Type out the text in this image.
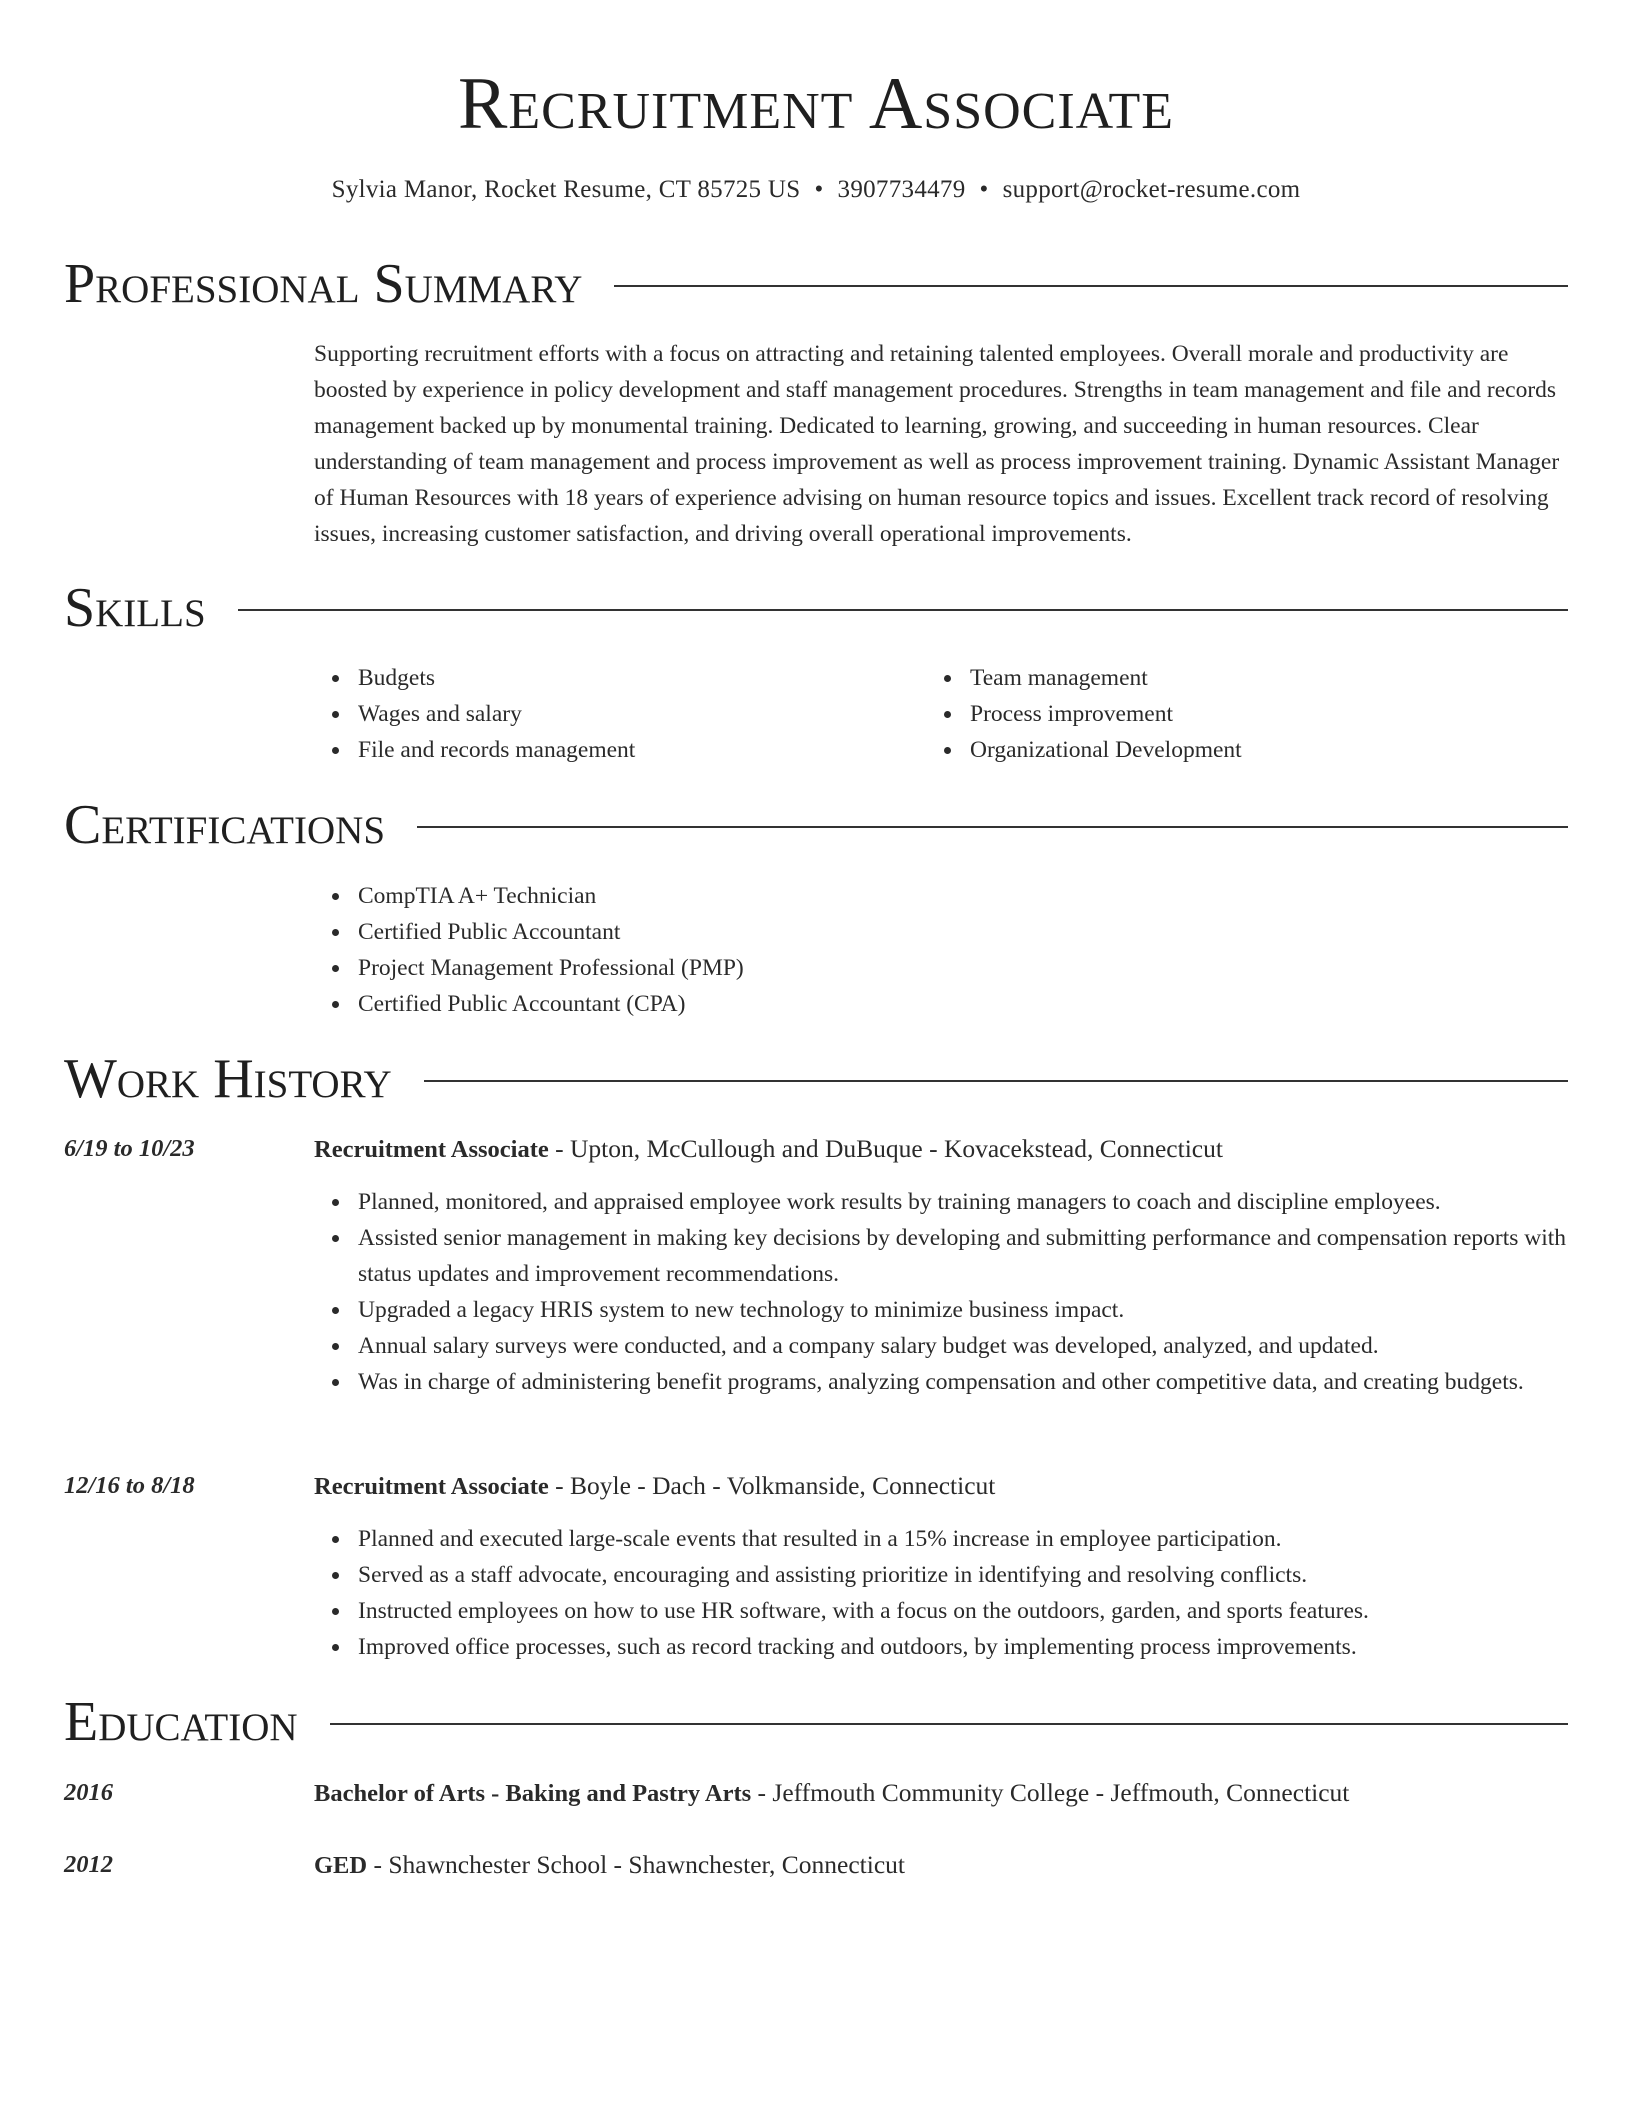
Recruitment Associate
Sylvia Manor, Rocket Resume, CT 85725 US • 3907734479 • support@rocket-resume.com
Professional Summary
Supporting recruitment efforts with a focus on attracting and retaining talented employees. Overall morale and productivity are boosted by experience in policy development and staff management procedures. Strengths in team management and file and records management backed up by monumental training. Dedicated to learning, growing, and succeeding in human resources. Clear understanding of team management and process improvement as well as process improvement training. Dynamic Assistant Manager of Human Resources with 18 years of experience advising on human resource topics and issues. Excellent track record of resolving issues, increasing customer satisfaction, and driving overall operational improvements.
Skills
Budgets
Wages and salary
File and records management
Team management
Process improvement
Organizational Development
Certifications
CompTIA A+ Technician
Certified Public Accountant
Project Management Professional (PMP)
Certified Public Accountant (CPA)
Work History
6/19 to 10/23	Recruitment Associate - Upton, McCullough and DuBuque - Kovacekstead, Connecticut
Planned, monitored, and appraised employee work results by training managers to coach and discipline employees.
Assisted senior management in making key decisions by developing and submitting performance and compensation reports with status updates and improvement recommendations.
Upgraded a legacy HRIS system to new technology to minimize business impact.
Annual salary surveys were conducted, and a company salary budget was developed, analyzed, and updated.
Was in charge of administering benefit programs, analyzing compensation and other competitive data, and creating budgets.
12/16 to 8/18	Recruitment Associate - Boyle - Dach - Volkmanside, Connecticut
Planned and executed large-scale events that resulted in a 15% increase in employee participation.
Served as a staff advocate, encouraging and assisting prioritize in identifying and resolving conflicts.
Instructed employees on how to use HR software, with a focus on the outdoors, garden, and sports features.
Improved office processes, such as record tracking and outdoors, by implementing process improvements.
Education
2016	Bachelor of Arts - Baking and Pastry Arts - Jeffmouth Community College - Jeffmouth, Connecticut
2012	GED - Shawnchester School - Shawnchester, Connecticut
